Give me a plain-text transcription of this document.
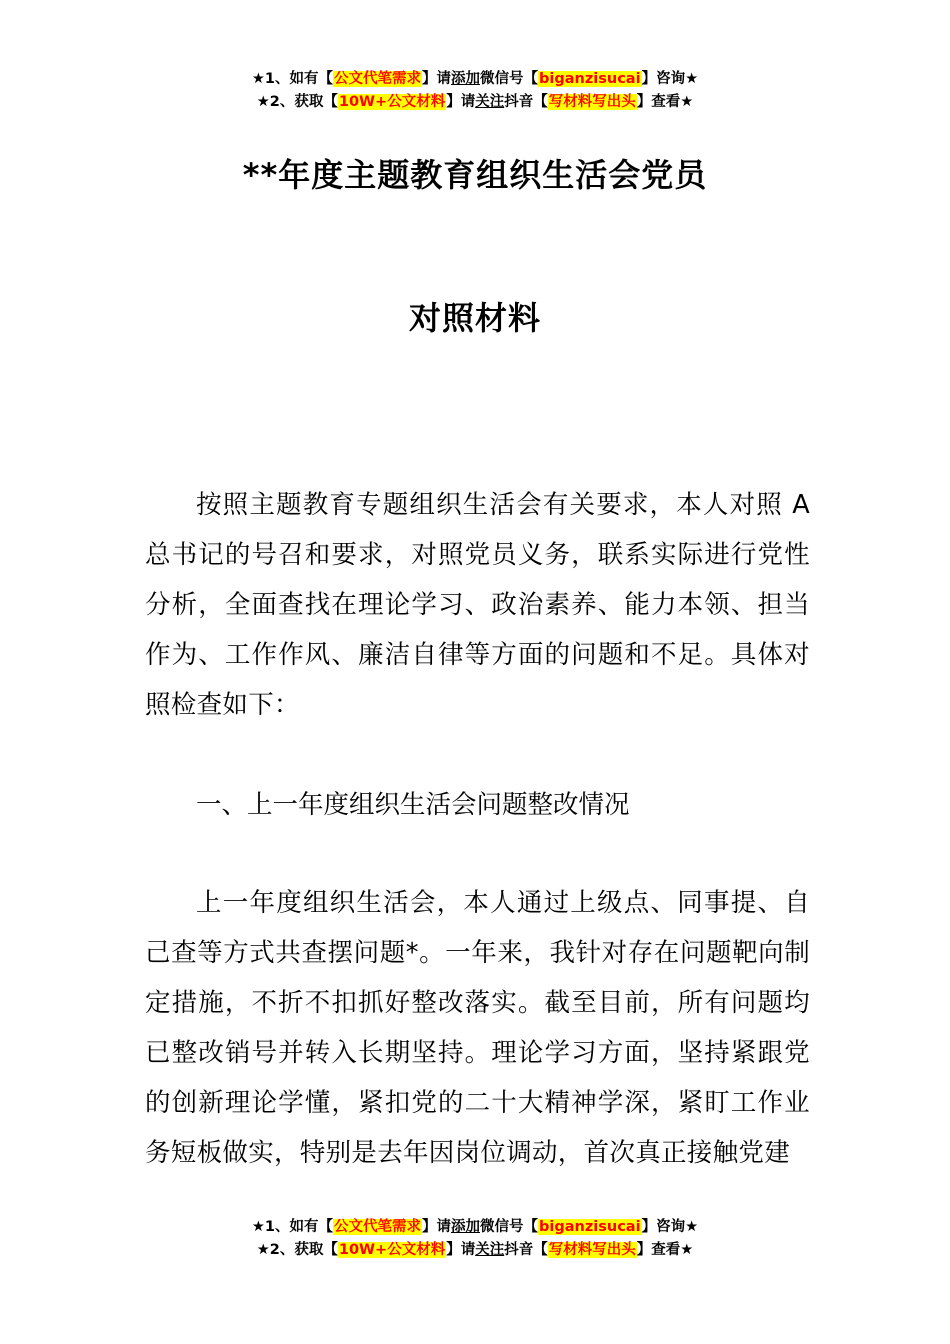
★1、如有【公文代笔需求】请添加微信号【biganzisucai】咨询★
★2、获取【10W+公文材料】请关注抖音【写材料写出头】查看★
**年度主题教育组织生活会党员
对照材料
按照主题教育专题组织生活会有关要求，本人对照 A 总书记的号召和要求，对照党员义务，联系实际进行党性分析，全面查找在理论学习、政治素养、能力本领、担当作为、工作作风、廉洁自律等方面的问题和不足。具体对照检查如下：
一、上一年度组织生活会问题整改情况
上一年度组织生活会，本人通过上级点、同事提、自己查等方式共查摆问题*。一年来，我针对存在问题靶向制定措施，不折不扣抓好整改落实。截至目前，所有问题均已整改销号并转入长期坚持。理论学习方面，坚持紧跟党的创新理论学懂，紧扣党的二十大精神学深，紧盯工作业务短板做实，特别是去年因岗位调动，首次真正接触党建
★1、如有【公文代笔需求】请添加微信号【biganzisucai】咨询★
★2、获取【10W+公文材料】请关注抖音【写材料写出头】查看★
